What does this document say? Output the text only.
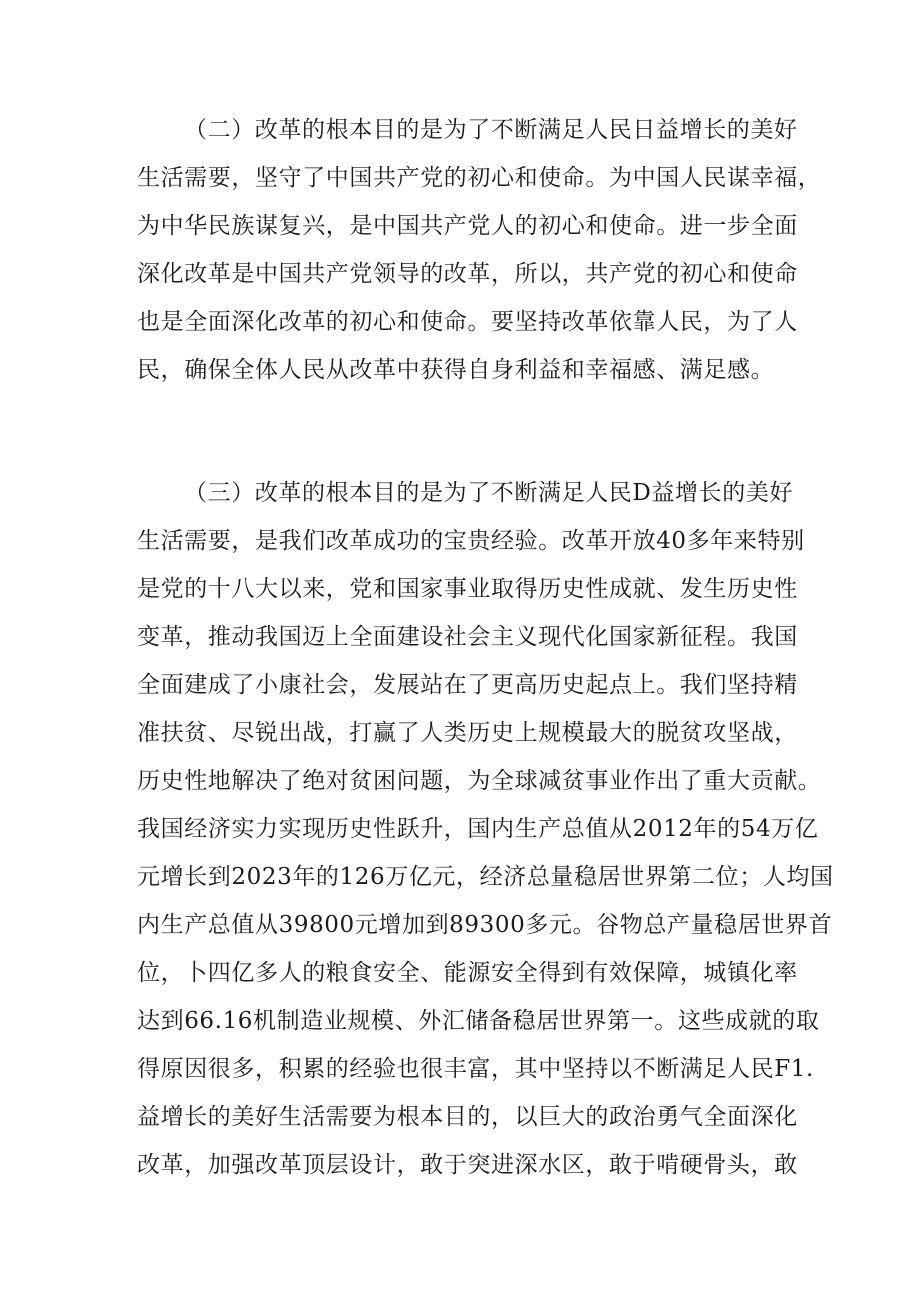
（二）改革的根本目的是为了不断满足人民日益增长的美好
生活需要，坚守了中国共产党的初心和使命。为中国人民谋幸福，
为中华民族谋复兴，是中国共产党人的初心和使命。进一步全面
深化改革是中国共产党领导的改革，所以，共产党的初心和使命
也是全面深化改革的初心和使命。要坚持改革依靠人民，为了人
民，确保全体人民从改革中获得自身利益和幸福感、满足感。
（三）改革的根本目的是为了不断满足人民D益增长的美好
生活需要，是我们改革成功的宝贵经验。改革开放40多年来特别
是党的十八大以来，党和国家事业取得历史性成就、发生历史性
变革，推动我国迈上全面建设社会主义现代化国家新征程。我国
全面建成了小康社会，发展站在了更高历史起点上。我们坚持精
准扶贫、尽锐出战，打赢了人类历史上规模最大的脱贫攻坚战，
历史性地解决了绝对贫困问题，为全球减贫事业作出了重大贡献。
我国经济实力实现历史性跃升，国内生产总值从2012年的54万亿
元增长到2023年的126万亿元，经济总量稳居世界第二位；人均国
内生产总值从39800元增加到89300多元。谷物总产量稳居世界首
位，卜四亿多人的粮食安全、能源安全得到有效保障，城镇化率
达到66.16机制造业规模、外汇储备稳居世界第一。这些成就的取
得原因很多，积累的经验也很丰富，其中坚持以不断满足人民F1.
益增长的美好生活需要为根本目的，以巨大的政治勇气全面深化
改革，加强改革顶层设计，敢于突进深水区，敢于啃硬骨头，敢
